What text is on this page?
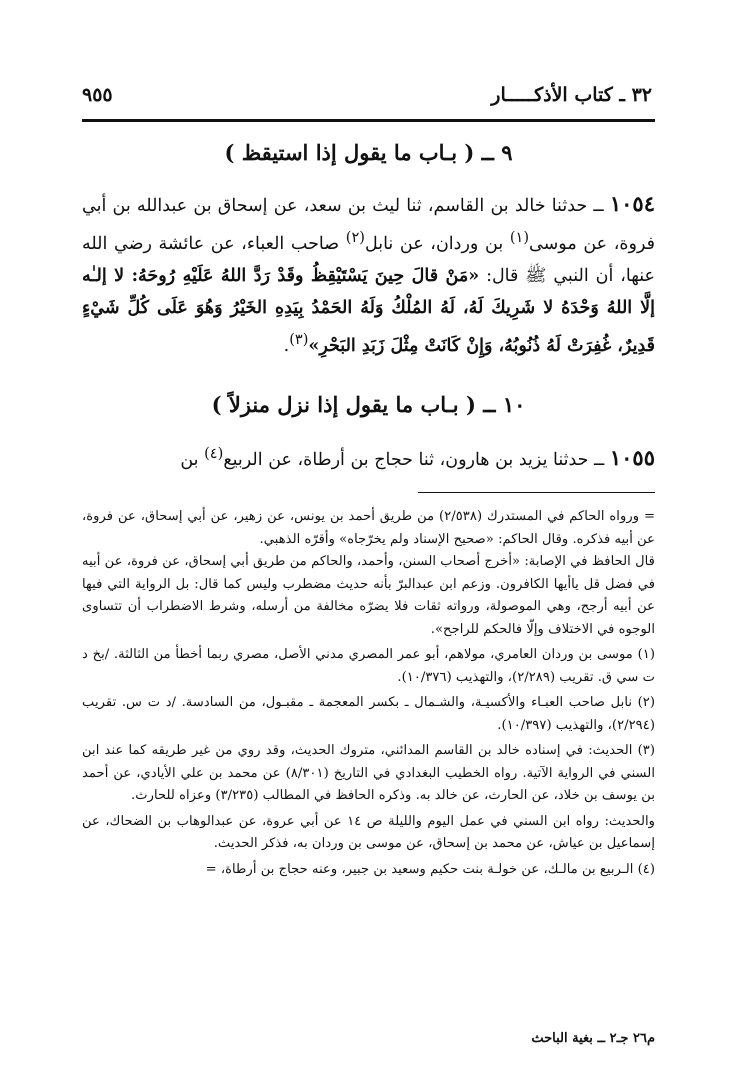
٣٢ ـ كتاب الأذكـــــار
٩٥٥
٩ ــ ( بـاب ما يقول إذا استيقظ )

١٠٥٤ ــ حدثنا خالد بن القاسم، ثنا ليث بن سعد، عن إسحاق بن عبدالله بن أبي فروة، عن موسى$^{(١)}$ بن وردان، عن نابل$^{(٢)}$ صاحب العباء، عن عائشة رضي الله عنها، أن النبي ﷺ قال: «مَنْ قالَ حِينَ يَسْتَيْقِظُ وقَدْ رَدَّ اللهُ عَلَيْهِ رُوحَهُ: لا إلـٰه إلَّا اللهُ وَحْدَهُ لا شَرِيكَ لَهُ، لَهُ المُلْكُ وَلَهُ الحَمْدُ بِيَدِهِ الخَيْرُ وَهُوَ عَلَى كُلِّ شَيْءٍ قَدِيرٌ، غُفِرَتْ لَهُ ذُنُوبُهُ، وَإِنْ كَانَتْ مِثْلَ زَبَدِ البَحْرِ»$^{(٣)}$.

١٠ ــ ( بـاب ما يقول إذا نزل منزلاً )

١٠٥٥ ــ حدثنا يزيد بن هارون، ثنا حجاج بن أرطاة، عن الربيع$^{(٤)}$ بن

= ورواه الحاكم في المستدرك (٢/٥٣٨) من طريق أحمد بن يونس، عن زهير، عن أبي إسحاق، عن فروة، عن أبيه فذكره. وقال الحاكم: «صحيح الإسناد ولم يخرّجاه» وأقرّه الذهبي.

قال الحافظ في الإصابة: «أخرج أصحاب السنن، وأحمد، والحاكم من طريق أبي إسحاق، عن فروة، عن أبيه في فضل قل ياأيها الكافرون. وزعم ابن عبدالبرّ بأنه حديث مضطرب وليس كما قال: بل الرواية التي فيها عن أبيه أرجح، وهي الموصولة، ورواته ثقات فلا يضرّه مخالفة من أرسله، وشرط الاضطراب أن تتساوى الوجوه في الاختلاف وإلّا فالحكم للراجح».

(١) موسى بن وردان العامري، مولاهم، أبو عمر المصري مدني الأصل، مصري ربما أخطأ من الثالثة. /بخ د ت سي ق. تقريب (٢/٢٨٩)، والتهذيب (١٠/٣٧٦).

(٢) نابل صاحب العبـاء والأكسيـة، والشـمال ـ بكسر المعجمة ـ مقبـول، من السادسة. /د ت س. تقريب (٢/٢٩٤)، والتهذيب (١٠/٣٩٧).

(٣) الحديث: في إسناده خالد بن القاسم المدائني، متروك الحديث، وقد روي من غير طريقه كما عند ابن السني في الرواية الآتية. رواه الخطيب البغدادي في التاريخ (٨/٣٠١) عن محمد بن علي الأيادي، عن أحمد بن يوسف بن خلاد، عن الحارث، عن خالد به. وذكره الحافظ في المطالب (٣/٢٣٥) وعزاه للحارث.

والحديث: رواه ابن السني في عمل اليوم والليلة ص ١٤ عن أبي عروة، عن عبدالوهاب بن الضحاك، عن إسماعيل بن عياش، عن محمد بن إسحاق، عن موسى بن وردان به، فذكر الحديث.

(٤) الـربيع بن مالـك، عن خولـة بنت حكيم وسعيد بن جبير، وعنه حجاج بن أرطاة، =

م٢٦ جـ٢ ــ بغية الباحث
